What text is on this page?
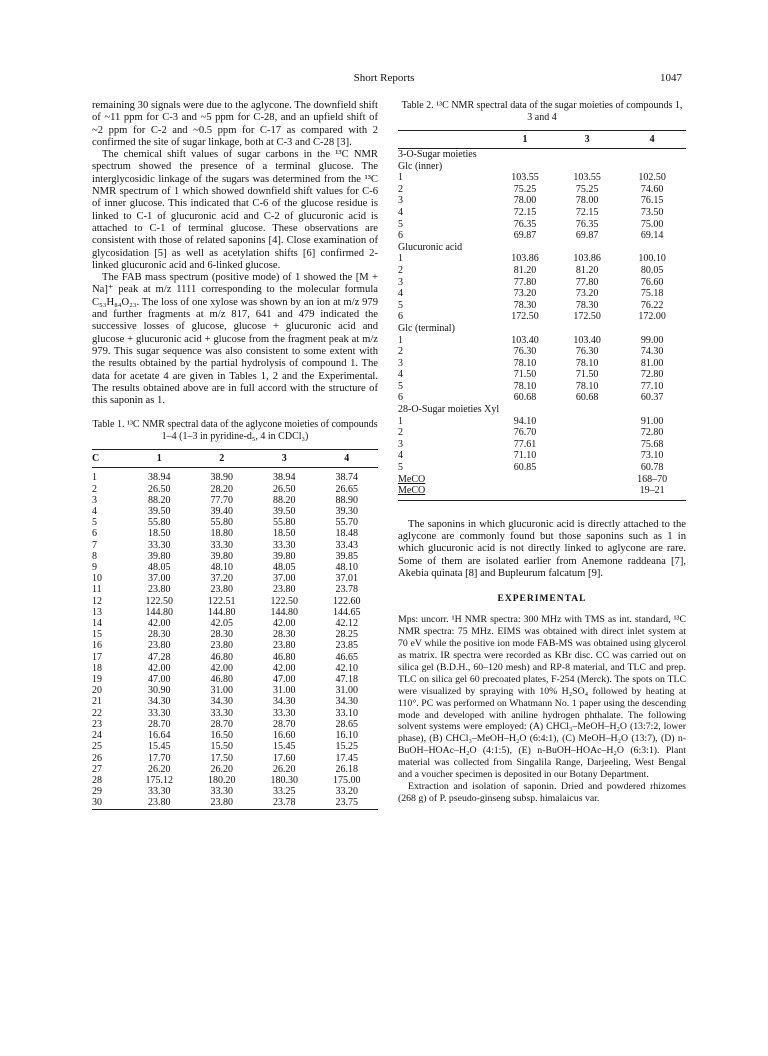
Short Reports	1047

remaining 30 signals were due to the aglycone. The downfield shift of ~11 ppm for C-3 and ~5 ppm for C-28, and an upfield shift of ~2 ppm for C-2 and ~0.5 ppm for C-17 as compared with 2 confirmed the site of sugar linkage, both at C-3 and C-28 [3].

The chemical shift values of sugar carbons in the ¹³C NMR spectrum showed the presence of a terminal glucose. The interglycosidic linkage of the sugars was determined from the ¹³C NMR spectrum of 1 which showed downfield shift values for C-6 of inner glucose. This indicated that C-6 of the glucose residue is linked to C-1 of glucuronic acid and C-2 of glucuronic acid is attached to C-1 of terminal glucose. These observations are consistent with those of related saponins [4]. Close examination of glycosidation [5] as well as acetylation shifts [6] confirmed 2-linked glucuronic acid and 6-linked glucose.

The FAB mass spectrum (positive mode) of 1 showed the [M + Na]⁺ peak at m/z 1111 corresponding to the molecular formula C₅₃H₈₄O₂₃. The loss of one xylose was shown by an ion at m/z 979 and further fragments at m/z 817, 641 and 479 indicated the successive losses of glucose, glucose + glucuronic acid and glucose + glucuronic acid + glucose from the fragment peak at m/z 979. This sugar sequence was also consistent to some extent with the results obtained by the partial hydrolysis of compound 1. The data for acetate 4 are given in Tables 1, 2 and the Experimental. The results obtained above are in full accord with the structure of this saponin as 1.

Table 1. ¹³C NMR spectral data of the aglycone moieties of compounds 1–4 (1–3 in pyridine-d₅, 4 in CDCl₃)

C	1	2	3	4
1	38.94	38.90	38.94	38.74
2	26.50	28.20	26.50	26.65
3	88.20	77.70	88.20	88.90
4	39.50	39.40	39.50	39.30
5	55.80	55.80	55.80	55.70
6	18.50	18.80	18.50	18.48
7	33.30	33.30	33.30	33.43
8	39.80	39.80	39.80	39.85
9	48.05	48.10	48.05	48.10
10	37.00	37.20	37.00	37.01
11	23.80	23.80	23.80	23.78
12	122.50	122.51	122.50	122.60
13	144.80	144.80	144.80	144.65
14	42.00	42.05	42.00	42.12
15	28.30	28.30	28.30	28.25
16	23.80	23.80	23.80	23.85
17	47.28	46.80	46.80	46.65
18	42.00	42.00	42.00	42.10
19	47.00	46.80	47.00	47.18
20	30.90	31.00	31.00	31.00
21	34.30	34.30	34.30	34.30
22	33.30	33.30	33.30	33.10
23	28.70	28.70	28.70	28.65
24	16.64	16.50	16.60	16.10
25	15.45	15.50	15.45	15.25
26	17.70	17.50	17.60	17.45
27	26.20	26.20	26.20	26.18
28	175.12	180.20	180.30	175.00
29	33.30	33.30	33.25	33.20
30	23.80	23.80	23.78	23.75

Table 2. ¹³C NMR spectral data of the sugar moieties of compounds 1, 3 and 4

	1	3	4
3-O-Sugar moieties			
Glc (inner)			
1	103.55	103.55	102.50
2	75.25	75.25	74.60
3	78.00	78.00	76.15
4	72.15	72.15	73.50
5	76.35	76.35	75.00
6	69.87	69.87	69.14
Glucuronic acid			
1	103.86	103.86	100.10
2	81.20	81.20	80.05
3	77.80	77.80	76.60
4	73.20	73.20	75.18
5	78.30	78.30	76.22
6	172.50	172.50	172.00
Glc (terminal)			
1	103.40	103.40	99.00
2	76.30	76.30	74.30
3	78.10	78.10	81.00
4	71.50	71.50	72.80
5	78.10	78.10	77.10
6	60.68	60.68	60.37
28-O-Sugar moieties Xyl			
1	94.10		91.00
2	76.70		72.80
3	77.61		75.68
4	71.10		73.10
5	60.85		60.78
MeCO			168–70
MeCO			19–21

The saponins in which glucuronic acid is directly attached to the aglycone are commonly found but those saponins such as 1 in which glucuronic acid is not directly linked to aglycone are rare. Some of them are isolated earlier from Anemone raddeana [7], Akebia quinata [8] and Bupleurum falcatum [9].

EXPERIMENTAL

Mps: uncorr. ¹H NMR spectra: 300 MHz with TMS as int. standard, ¹³C NMR spectra: 75 MHz. EIMS was obtained with direct inlet system at 70 eV while the positive ion mode FAB-MS was obtained using glycerol as matrix. IR spectra were recorded as KBr disc. CC was carried out on silica gel (B.D.H., 60–120 mesh) and RP-8 material, and TLC and prep. TLC on silica gel 60 precoated plates, F-254 (Merck). The spots on TLC were visualized by spraying with 10% H₂SO₄ followed by heating at 110°. PC was performed on Whatmann No. 1 paper using the descending mode and developed with aniline hydrogen phthalate. The following solvent systems were employed: (A) CHCl₃–MeOH–H₂O (13:7:2, lower phase), (B) CHCl₃–MeOH–H₂O (6:4:1), (C) MeOH–H₂O (13:7), (D) n-BuOH–HOAc–H₂O (4:1:5), (E) n-BuOH–HOAc–H₂O (6:3:1). Plant material was collected from Singalila Range, Darjeeling, West Bengal and a voucher specimen is deposited in our Botany Department.

Extraction and isolation of saponin. Dried and powdered rhizomes (268 g) of P. pseudo-ginseng subsp. himalaicus var.
